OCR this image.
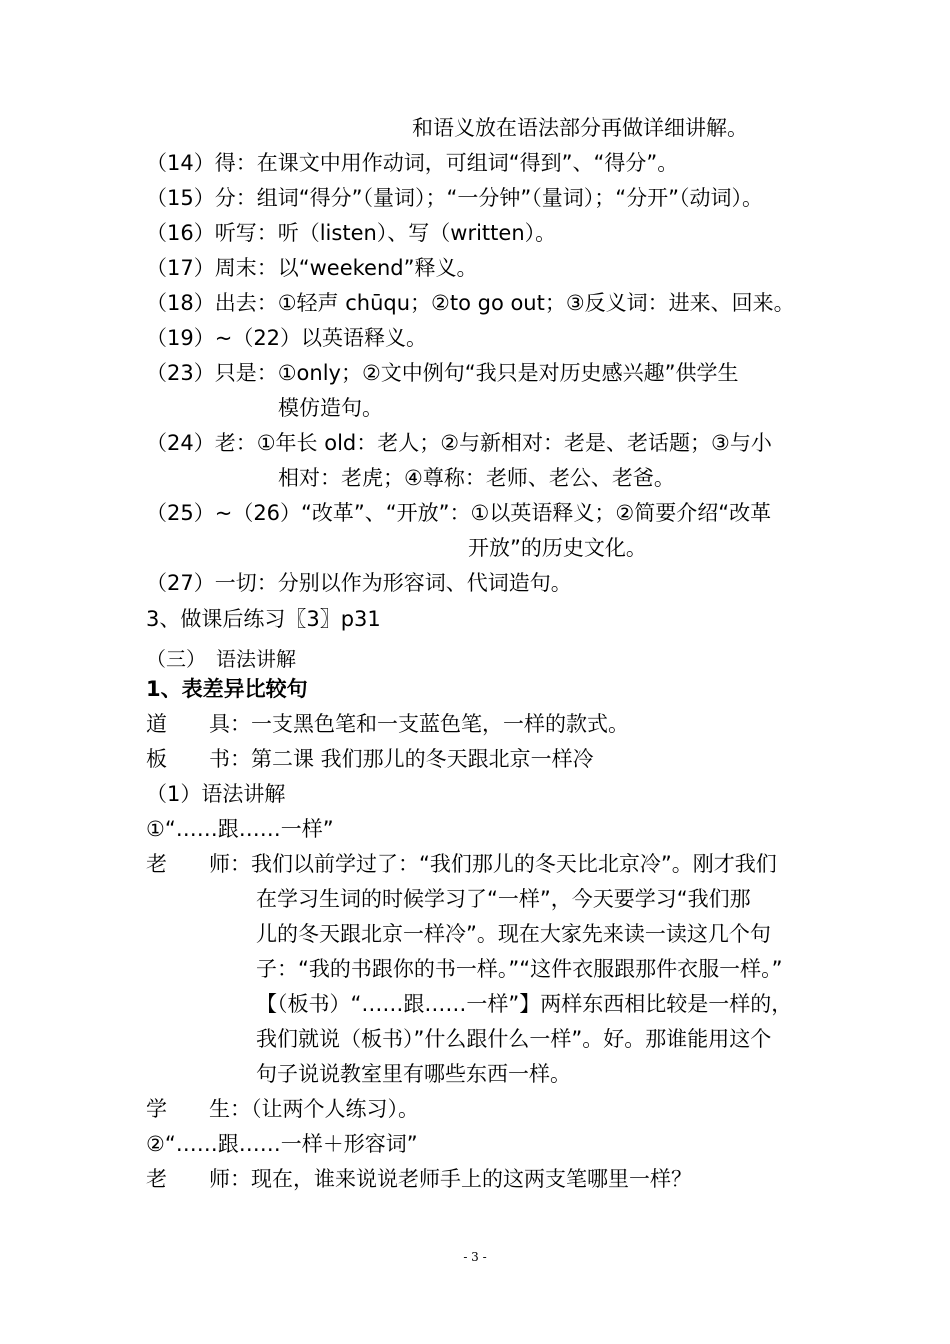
和语义放在语法部分再做详细讲解。
（14）得：在课文中用作动词，可组词“得到”、“得分”。
（15）分：组词“得分”（量词）；“一分钟”（量词）；“分开”（动词）。
（16）听写：听（listen）、写（written）。
（17）周末：以“weekend”释义。
（18）出去：①轻声 chūqu；②to go out；③反义词：进来、回来。
（19）~（22）以英语释义。
（23）只是：①only；②文中例句“我只是对历史感兴趣”供学生
模仿造句。
（24）老：①年长 old：老人；②与新相对：老是、老话题；③与小
相对：老虎；④尊称：老师、老公、老爸。
（25）~（26）“改革”、“开放”：①以英语释义；②简要介绍“改革
开放”的历史文化。
（27）一切：分别以作为形容词、代词造句。
3、做课后练习〖3〗p31
（三）　语法讲解
1、表差异比较句
道　　具：一支黑色笔和一支蓝色笔，一样的款式。
板　　书：第二课 我们那儿的冬天跟北京一样冷
（1）语法讲解
①“……跟……一样”
老　　师：我们以前学过了：“我们那儿的冬天比北京冷”。刚才我们
在学习生词的时候学习了“一样”，今天要学习“我们那
儿的冬天跟北京一样冷”。现在大家先来读一读这几个句
子：“我的书跟你的书一样。”“这件衣服跟那件衣服一样。”
【（板书）“……跟……一样”】两样东西相比较是一样的，
我们就说（板书）”什么跟什么一样”。好。那谁能用这个
句子说说教室里有哪些东西一样。
学　　生：（让两个人练习）。
②“……跟……一样＋形容词”
老　　师：现在，谁来说说老师手上的这两支笔哪里一样？
- 3 -
